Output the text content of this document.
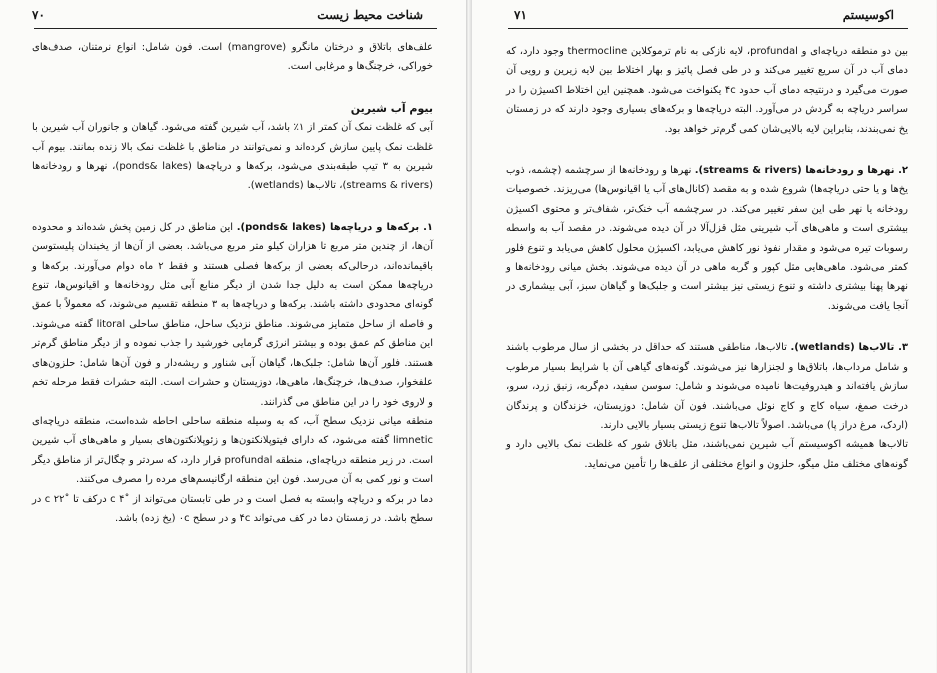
۷۰	شناخت محیط زیست

علف‌های باتلاق و درختان مانگرو (mangrove) است. فون شامل: انواع نرمتنان، صدف‌های خوراکی، خرچنگ‌ها و مرغابی است.

بیوم آب شیرین

آبی که غلظت نمک آن کمتر از ۱٪ باشد، آب شیرین گفته می‌شود. گیاهان و جانوران آب شیرین با غلظت نمک پایین سازش کرده‌اند و نمی‌توانند در مناطق با غلظت نمک بالا زنده بمانند. بیوم آب شیرین به ۳ تیپ طبقه‌بندی می‌شود، برکه‌ها و دریاچه‌ها (ponds& lakes)، نهرها و رودخانه‌ها (streams & rivers)، تالاب‌ها (wetlands).

۱. برکه‌ها و دریاچه‌ها (ponds& lakes). این مناطق در کل زمین پخش شده‌اند و محدوده آن‌ها، از چندین متر مربع تا هزاران کیلو متر مربع می‌باشد. بعضی از آن‌ها از یخبندان پلیستوسن باقیمانده‌اند، درحالی‌که بعضی از برکه‌ها فصلی هستند و فقط ۲ ماه دوام می‌آورند. برکه‌ها و دریاچه‌ها ممکن است به دلیل جدا شدن از دیگر منابع آبی مثل رودخانه‌ها و اقیانوس‌ها، تنوع گونه‌ای محدودی داشته باشند. برکه‌ها و دریاچه‌ها به ۳ منطقه تقسیم می‌شوند، که معمولاً با عمق و فاصله از ساحل متمایز می‌شوند. مناطق نزدیک ساحل، مناطق ساحلی litoral گفته می‌شوند. این مناطق کم عمق بوده و بیشتر انرژی گرمایی خورشید را جذب نموده و از دیگر مناطق گرم‌تر هستند. فلور آن‌ها شامل: جلبک‌ها، گیاهان آبی شناور و ریشه‌دار و فون آن‌ها شامل: حلزون‌های علفخوار، صدف‌ها، خرچنگ‌ها، ماهی‌ها، دوزیستان و حشرات است. البته حشرات فقط مرحله تخم و لاروی خود را در این مناطق می گذرانند.

منطقه میانی نزدیک سطح آب، که به وسیله منطقه ساحلی احاطه شده‌است، منطقه دریاچه‌ای limnetic گفته می‌شود، که دارای فیتوپلانکتون‌ها و زئوپلانکتون‌های بسیار و ماهی‌های آب شیرین است. در زیر منطقه دریاچه‌ای، منطقه profundal قرار دارد، که سردتر و چگال‌تر از مناطق دیگر است و نور کمی به آن می‌رسد. فون این منطقه ارگانیسم‌های مرده را مصرف می‌کنند.

دما در برکه و دریاچه وابسته به فصل است و در طی تابستان می‌تواند از ˚c ۴ درکف تا ˚c ۲۲ در سطح باشد. در زمستان دما در کف می‌تواند ۴c و در سطح ۰c (یخ زده) باشد.

۷۱	اکوسیستم

بین دو منطقه دریاچه‌ای و profundal، لایه نازکی به نام ترموکلاین thermocline وجود دارد، که دمای آب در آن سریع تغییر می‌کند و در طی فصل پائیز و بهار اختلاط بین لایه زیرین و رویی آن صورت می‌گیرد و درنتیجه دمای آب حدود ۴c یکنواخت می‌شود. همچنین این اختلاط اکسیژن را در سراسر دریاچه به گردش در می‌آورد. البته دریاچه‌ها و برکه‌های بسیاری وجود دارند که در زمستان یخ نمی‌بندند، بنابراین لایه بالایی‌شان کمی گرم‌تر خواهد بود.

۲. نهرها و رودخانه‌ها (streams & rivers). نهرها و رودخانه‌ها از سرچشمه (چشمه، ذوب یخ‌ها و یا حتی دریاچه‌ها) شروع شده و به مقصد (کانال‌های آب یا اقیانوس‌ها) می‌ریزند. خصوصیات رودخانه یا نهر طی این سفر تغییر می‌کند. در سرچشمه آب خنک‌تر، شفاف‌تر و محتوی اکسیژن بیشتری است و ماهی‌های آب شیرینی مثل قزل‌آلا در آن دیده می‌شوند. در مقصد آب به واسطه رسوبات تیره می‌شود و مقدار نفوذ نور کاهش می‌یابد، اکسیژن محلول کاهش می‌یابد و تنوع فلور کمتر می‌شود. ماهی‌هایی مثل کپور و گربه ماهی در آن دیده می‌شوند. بخش میانی رودخانه‌ها و نهرها پهنا بیشتری داشته و تنوع زیستی نیز بیشتر است و جلبک‌ها و گیاهان سبز، آبی بیشماری در آنجا یافت می‌شوند.

۳. تالاب‌ها (wetlands). تالاب‌ها، مناطقی هستند که حداقل در بخشی از سال مرطوب باشند و شامل مرداب‌ها، باتلاق‌ها و لجنزارها نیز می‌شوند. گونه‌های گیاهی آن با شرایط بسیار مرطوب سازش یافته‌اند و هیدروفیت‌ها نامیده می‌شوند و شامل: سوسن سفید، دم‌گربه، زنبق زرد، سرو، درخت صمغ، سیاه کاج و کاج نوئل می‌باشند. فون آن شامل: دوزیستان، خزندگان و پرندگان (اردک، مرغ دراز پا) می‌باشد. اصولاً تالاب‌ها تنوع زیستی بسیار بالایی دارند.

تالاب‌ها همیشه اکوسیستم آب شیرین نمی‌باشند، مثل باتلاق شور که غلظت نمک بالایی دارد و گونه‌های مختلف مثل میگو، حلزون و انواع مختلفی از علف‌ها را تأمین می‌نماید.
